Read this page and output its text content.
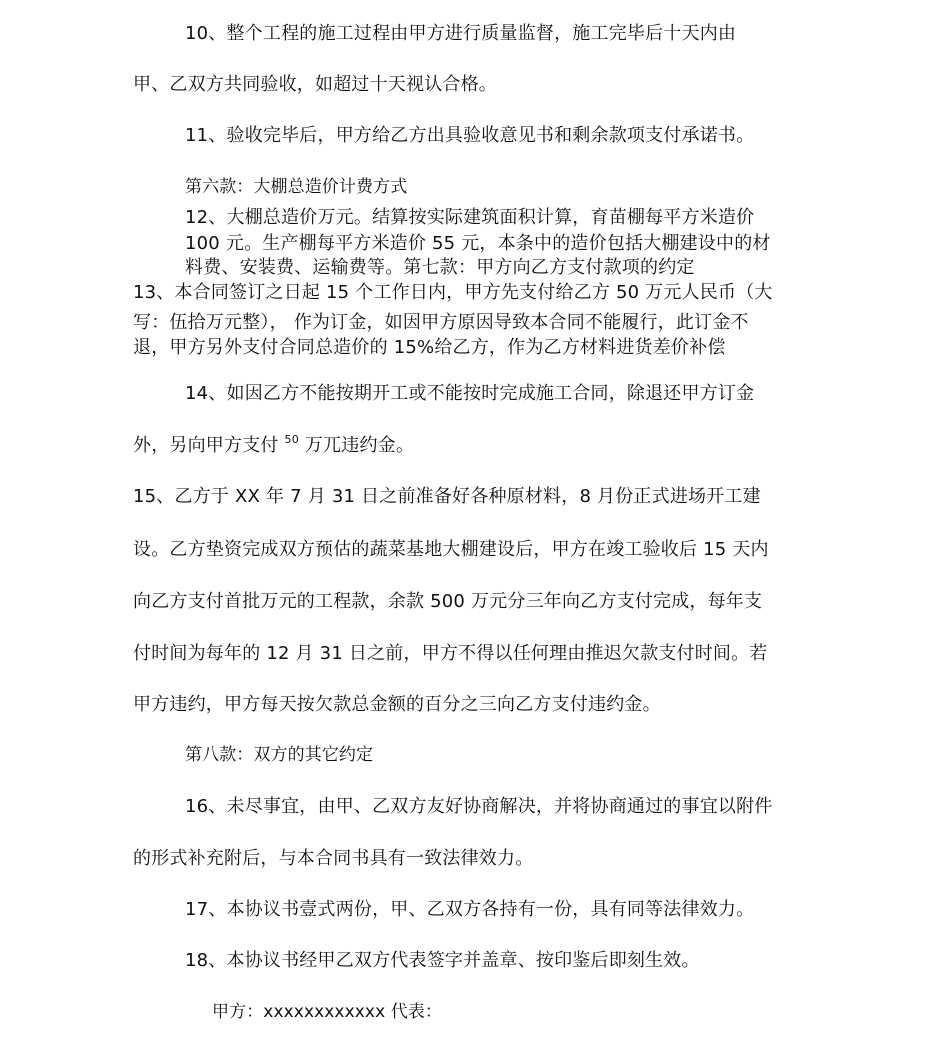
10、整个工程的施工过程由甲方进行质量监督，施工完毕后十天内由
甲、乙双方共同验收，如超过十天视认合格。
11、验收完毕后，甲方给乙方出具验收意见书和剩余款项支付承诺书。
第六款：大棚总造价计费方式
12、大棚总造价万元。结算按实际建筑面积计算，育苗棚每平方米造价
100 元。生产棚每平方米造价 55 元，本条中的造价包括大棚建设中的材
料费、安装费、运输费等。第七款：甲方向乙方支付款项的约定
13、本合同签订之日起 15 个工作日内，甲方先支付给乙方 50 万元人民币（大
写：伍拾万元整）， 作为订金，如因甲方原因导致本合同不能履行，此订金不
退，甲方另外支付合同总造价的 15%给乙方，作为乙方材料进货差价补偿
14、如因乙方不能按期开工或不能按时完成施工合同，除退还甲方订金
外，另向甲方支付 $^{50}$ 万兀违约金。
15、乙方于 XX 年 7 月 31 日之前准备好各种原材料，8 月份正式进场开工建
设。乙方垫资完成双方预估的蔬菜基地大棚建设后，甲方在竣工验收后 15 天内
向乙方支付首批万元的工程款，余款 500 万元分三年向乙方支付完成，每年支
付时间为每年的 12 月 31 日之前，甲方不得以任何理由推迟欠款支付时间。若
甲方违约，甲方每天按欠款总金额的百分之三向乙方支付违约金。
第八款：双方的其它约定
16、未尽事宜，由甲、乙双方友好协商解决，并将协商通过的事宜以附件
的形式补充附后，与本合同书具有一致法律效力。
17、本协议书壹式两份，甲、乙双方各持有一份，具有同等法律效力。
18、本协议书经甲乙双方代表签字并盖章、按印鉴后即刻生效。
甲方：xxxxxxxxxxxx 代表：
